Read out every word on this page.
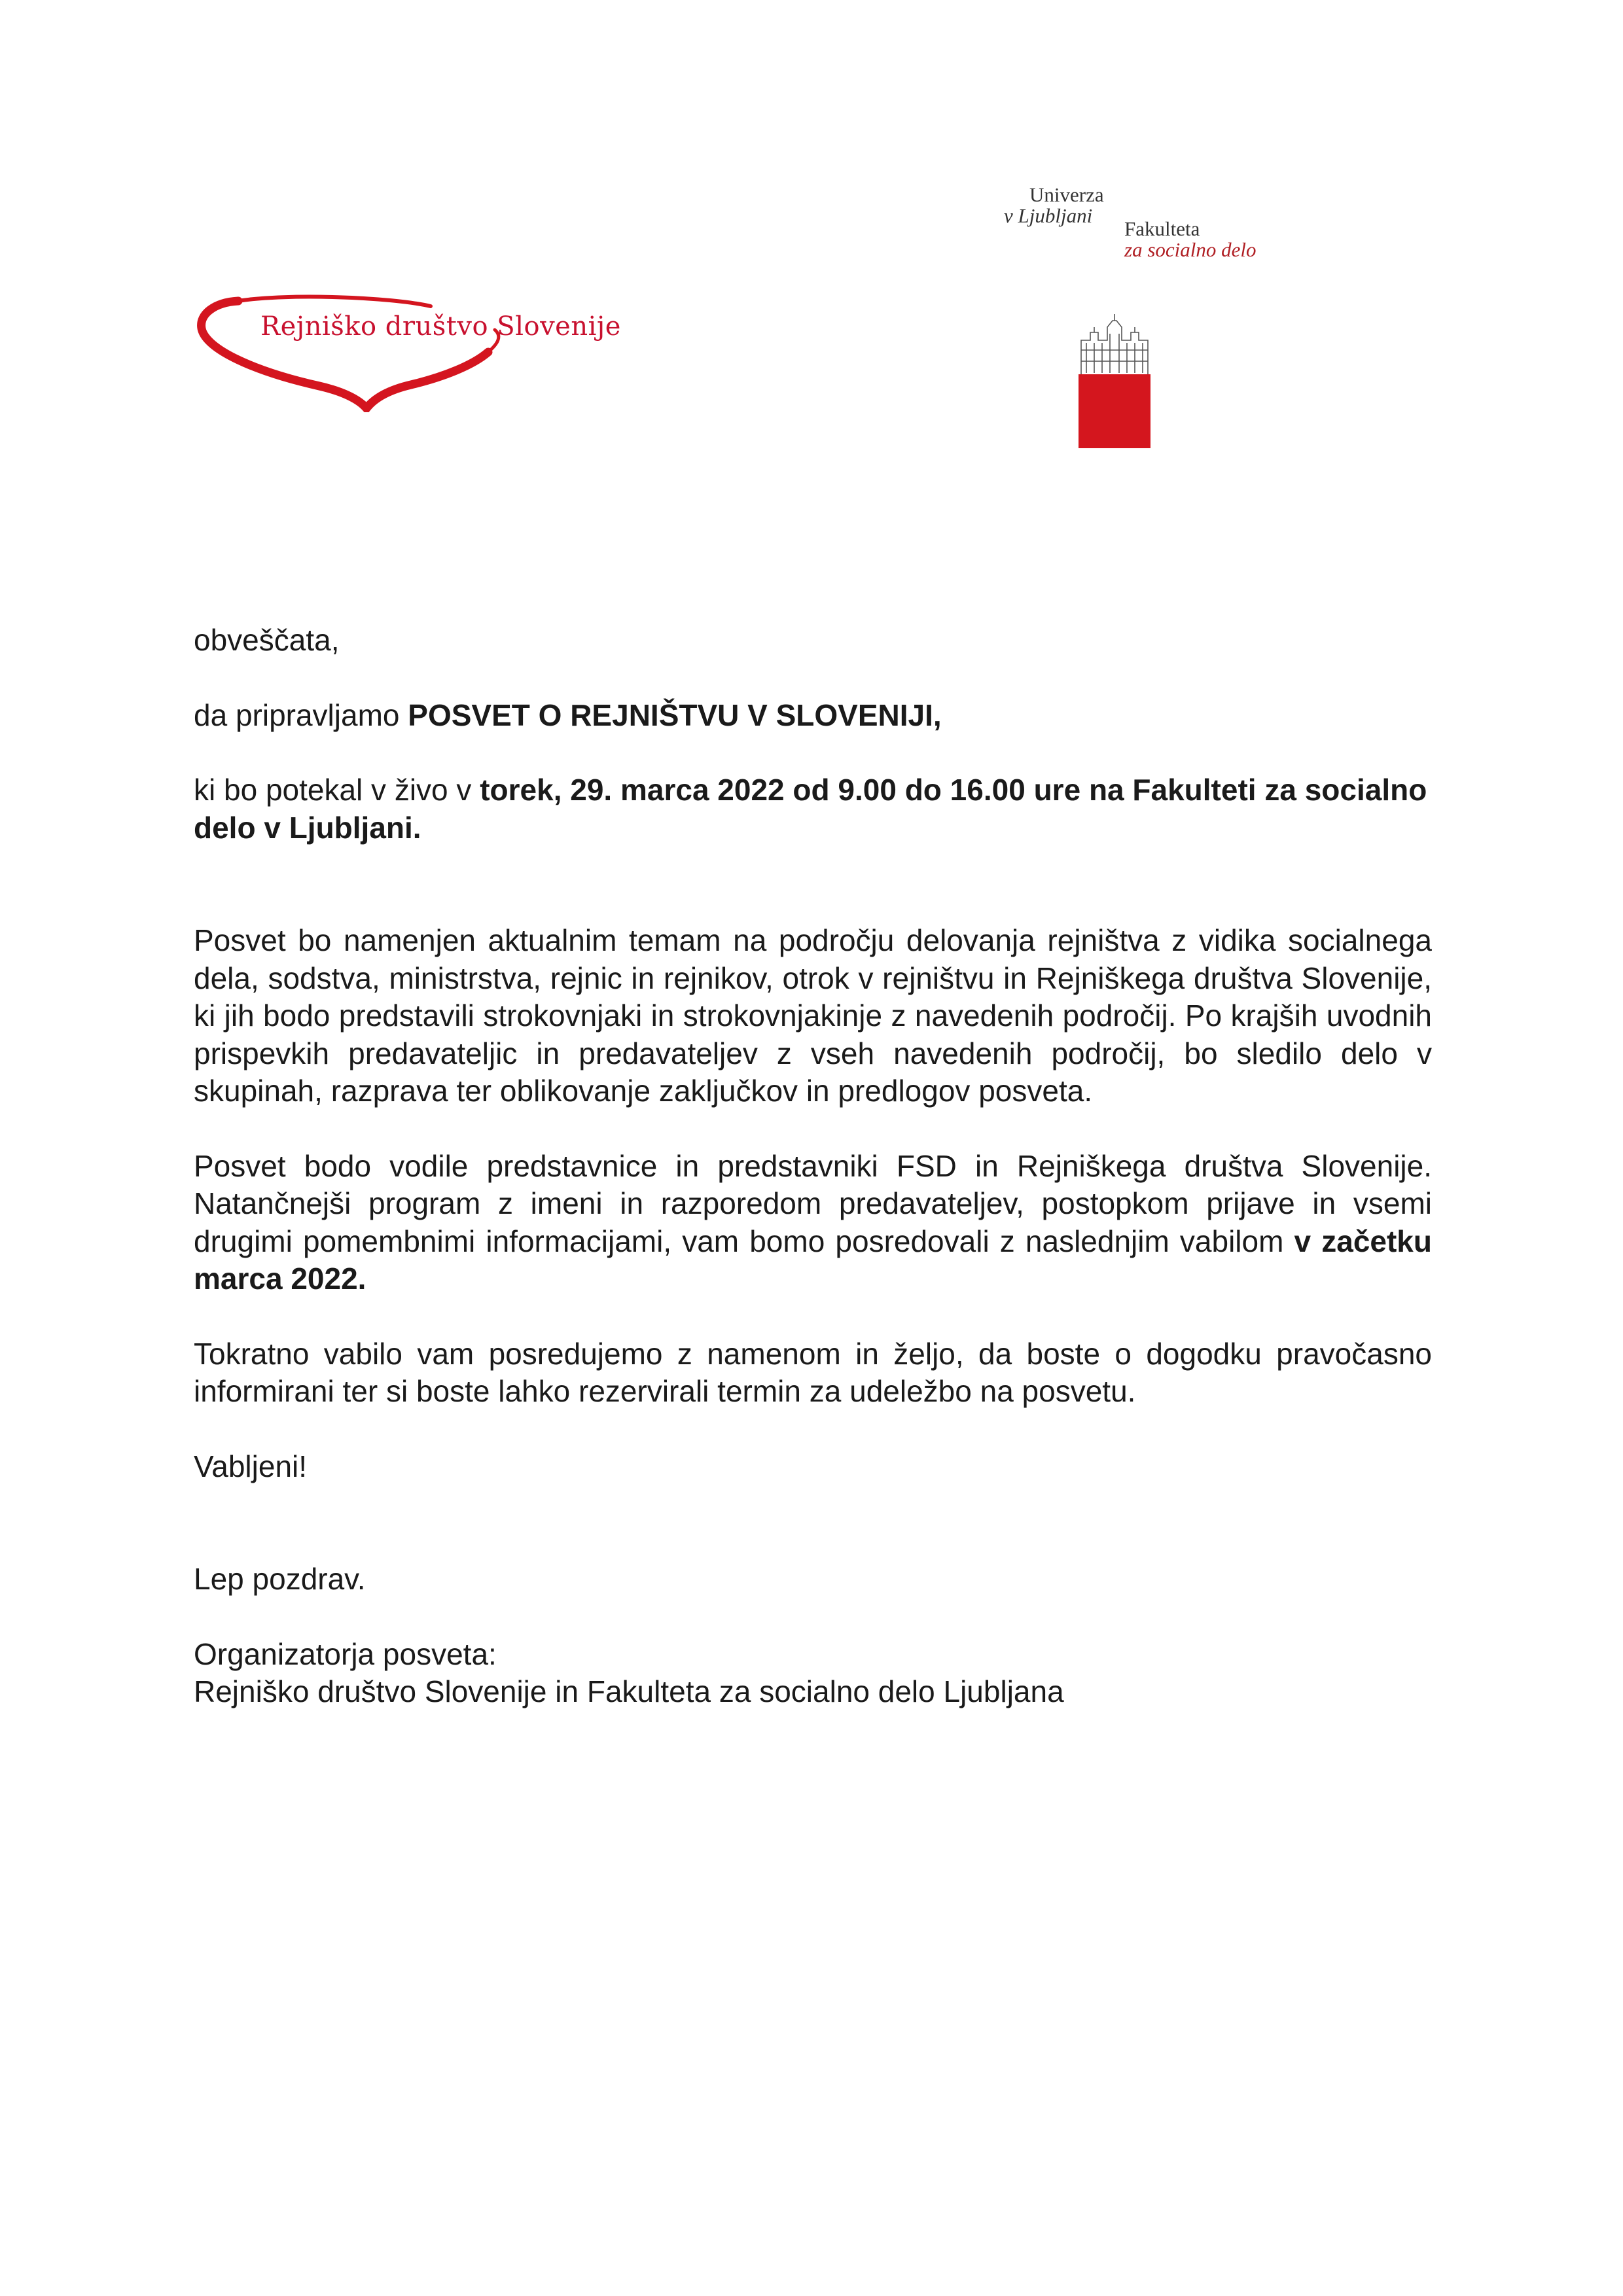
Rejniško društvo Slovenije
Univerza
v Ljubljani
Fakulteta
za socialno delo

obveščata,

da pripravljamo POSVET O REJNIŠTVU V SLOVENIJI,

ki bo potekal v živo v torek, 29. marca 2022 od 9.00 do 16.00 ure na Fakulteti za socialno delo v Ljubljani.

Posvet bo namenjen aktualnim temam na področju delovanja rejništva z vidika socialnega dela, sodstva, ministrstva, rejnic in rejnikov, otrok v rejništvu in Rejniškega društva Slovenije, ki jih bodo predstavili strokovnjaki in strokovnjakinje z navedenih področij. Po krajših uvodnih prispevkih predavateljic in predavateljev z vseh navedenih področij, bo sledilo delo v skupinah, razprava ter oblikovanje zaključkov in predlogov posveta.

Posvet bodo vodile predstavnice in predstavniki FSD in Rejniškega društva Slovenije. Natančnejši program z imeni in razporedom predavateljev, postopkom prijave in vsemi drugimi pomembnimi informacijami, vam bomo posredovali z naslednjim vabilom v začetku marca 2022.

Tokratno vabilo vam posredujemo z namenom in željo, da boste o dogodku pravočasno informirani ter si boste lahko rezervirali termin za udeležbo na posvetu.

Vabljeni!

Lep pozdrav.

Organizatorja posveta:

Rejniško društvo Slovenije in Fakulteta za socialno delo Ljubljana
